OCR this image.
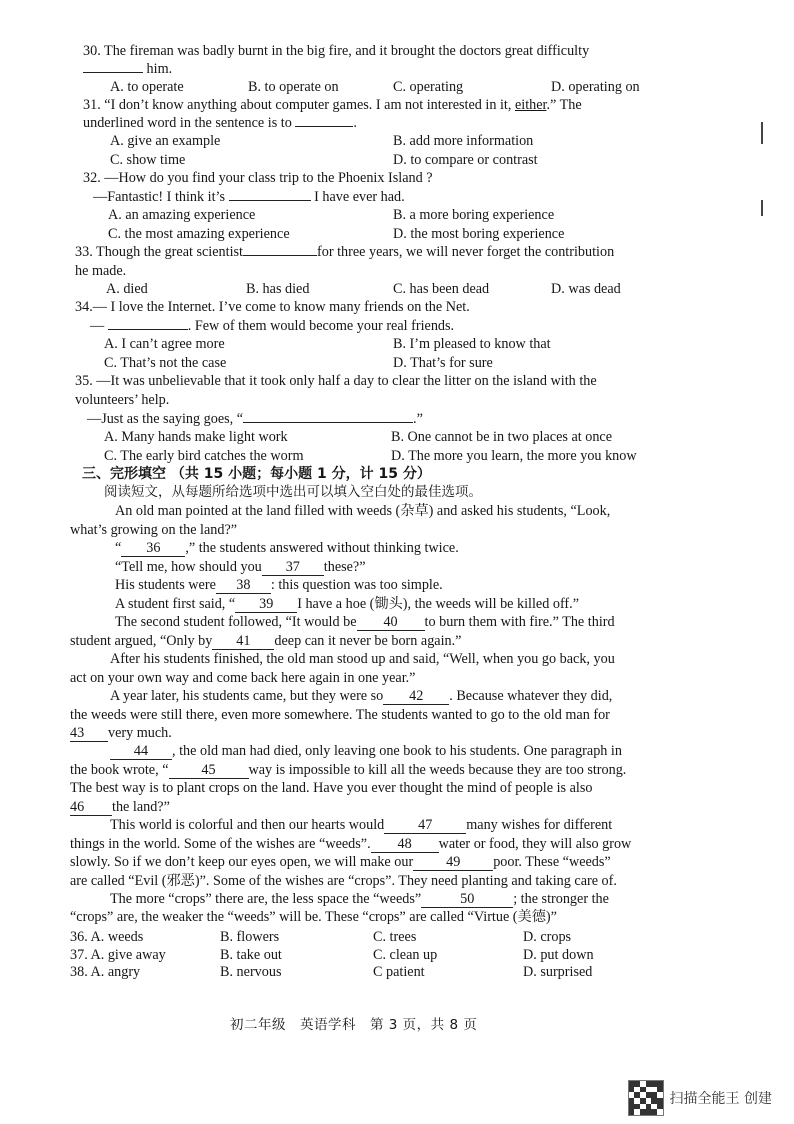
30. The fireman was badly burnt in the big fire, and it brought the doctors great difficulty
him.
A. to operate	B. to operate on	C. operating	D. operating on
31. “I don’t know anything about computer games. I am not interested in it, either.” The
underlined word in the sentence is to	.
A. give an example	B. add more information
C. show time	D. to compare or contrast
32. —How do you find your class trip to the Phoenix Island ?
—Fantastic! I think it’s	I have ever had.
A. an amazing experience	B. a more boring experience
C. the most amazing experience	D. the most boring experience
33. Though the great scientist	for three years, we will never forget the contribution
he made.
A. died	B. has died	C. has been dead	D. was dead
34.— I love the Internet. I’ve come to know many friends on the Net.
—	. Few of them would become your real friends.
A. I can’t agree more	B. I’m pleased to know that
C. That’s not the case	D. That’s for sure
35. —It was unbelievable that it took only half a day to clear the litter on the island with the
volunteers’ help.
—Just as the saying goes, “	.”
A. Many hands make light work	B. One cannot be in two places at once
C. The early bird catches the worm	D. The more you learn, the more you know
三、完形填空 （共 15 小题；每小题 1 分，计 15 分）
阅读短文，从每题所给选项中选出可以填入空白处的最佳选项。
An old man pointed at the land filled with weeds (杂草) and asked his students, “Look,
what’s growing on the land?”
“ 36 ,” the students answered without thinking twice.
“Tell me, how should you 37 these?”
His students were 38 : this question was too simple.
A student first said, “ 39 I have a hoe (锄头), the weeds will be killed off.”
The second student followed, “It would be 40 to burn them with fire.” The third
student argued, “Only by 41 deep can it never be born again.”
After his students finished, the old man stood up and said, “Well, when you go back, you
act on your own way and come back here again in one year.”
A year later, his students came, but they were so 42 . Because whatever they did,
the weeds were still there, even more somewhere. The students wanted to go to the old man for
43 very much.
44 , the old man had died, only leaving one book to his students. One paragraph in
the book wrote, “ 45 way is impossible to kill all the weeds because they are too strong.
The best way is to plant crops on the land. Have you ever thought the mind of people is also
46 the land?”
This world is colorful and then our hearts would 47 many wishes for different
things in the world. Some of the wishes are “weeds”. 48 water or food, they will also grow
slowly. So if we don’t keep our eyes open, we will make our 49 poor. These “weeds”
are called “Evil (邪恶)”. Some of the wishes are “crops”. They need planting and taking care of.
The more “crops” there are, the less space the “weeds”	50	; the stronger the
“crops” are, the weaker the “weeds” will be. These “crops” are called “Virtue (美德)”
36. A. weeds	B. flowers	C. trees	D. crops
37. A. give away	B. take out	C. clean up	D. put down
38. A. angry	B. nervous	C patient	D. surprised
初二年级　英语学科　第 3 页，共 8 页
扫描全能王 创建
